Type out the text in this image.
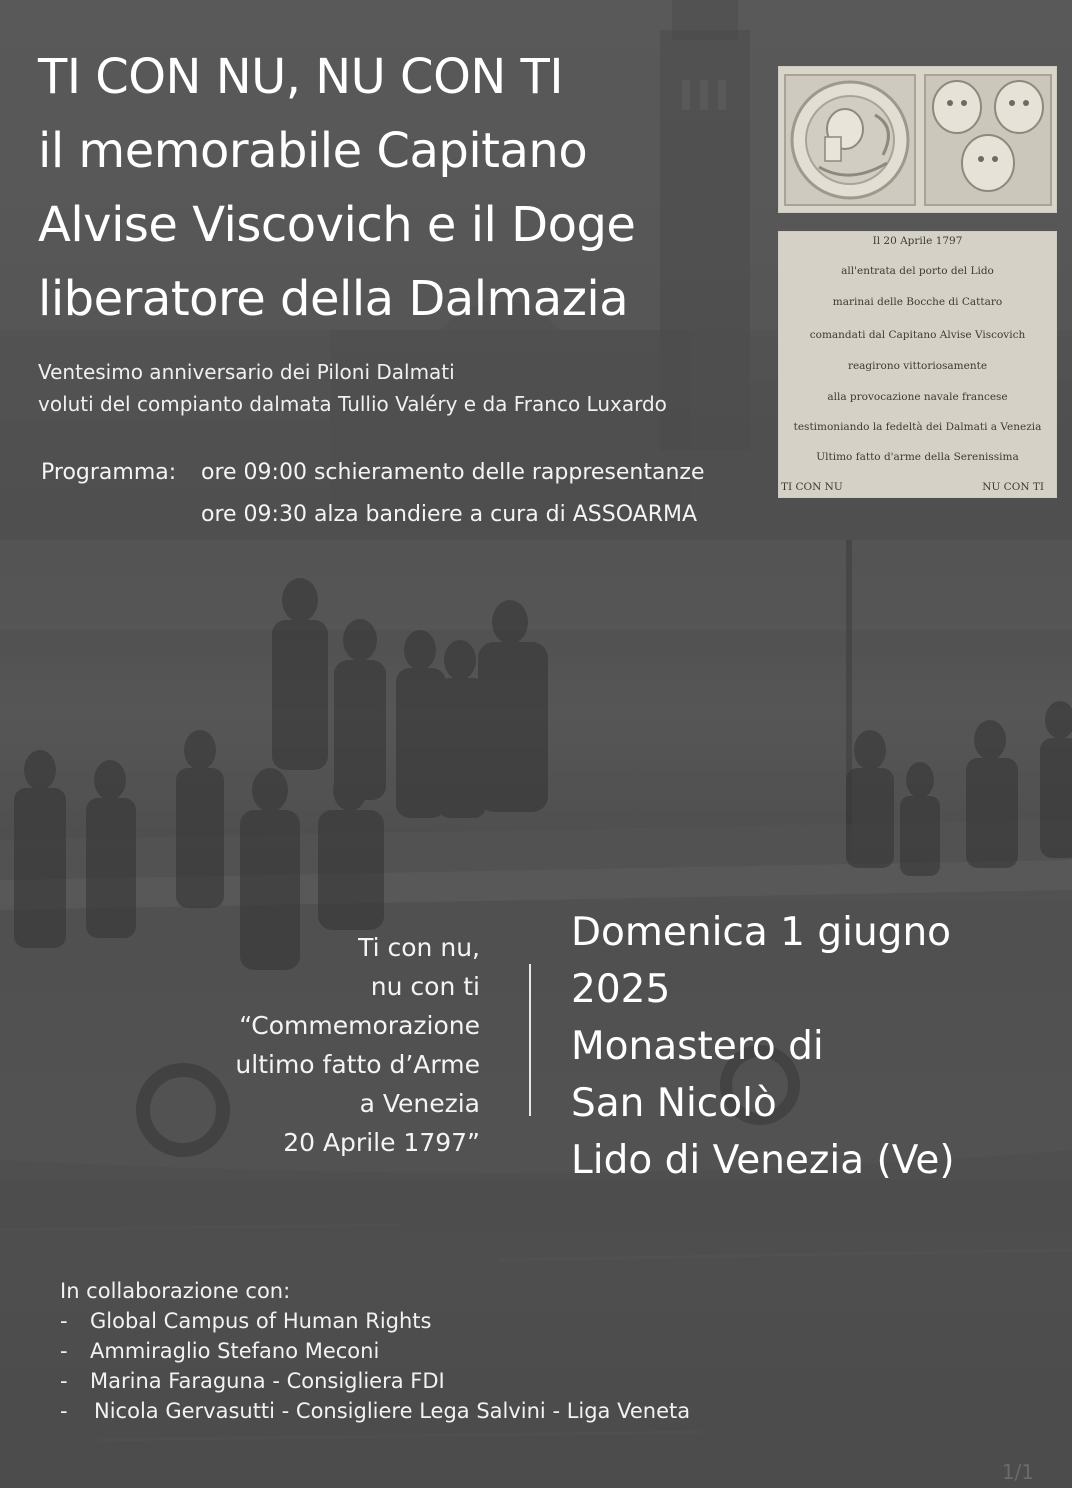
TI CON NU, NU CON TI
il memorabile Capitano
Alvise Viscovich e il Doge
liberatore della Dalmazia

Ventesimo anniversario dei Piloni Dalmati
voluti del compianto dalmata Tullio Valéry e da Franco Luxardo

Programma:	ore 09:00 schieramento delle rappresentanze
ore 09:30 alza bandiere a cura di ASSOARMA
Il 20 Aprile 1797
all'entrata del porto del Lido
marinai delle Bocche di Cattaro
comandati dal Capitano Alvise Viscovich
reagirono vittoriosamente
alla provocazione navale francese
testimoniando la fedeltà dei Dalmati a Venezia
Ultimo fatto d'arme della Serenissima
TI CON NU	NU CON TI
Ti con nu,
nu con ti
“Commemorazione
ultimo fatto d’Arme
a Venezia
20 Aprile 1797”
Domenica 1 giugno
2025
Monastero di
San Nicolò
Lido di Venezia (Ve)
In collaborazione con:
-	Global Campus of Human Rights
-	Ammiraglio Stefano Meconi
-	Marina Faraguna - Consigliera FDI
-	Nicola Gervasutti - Consigliere Lega Salvini - Liga Veneta
1/1
